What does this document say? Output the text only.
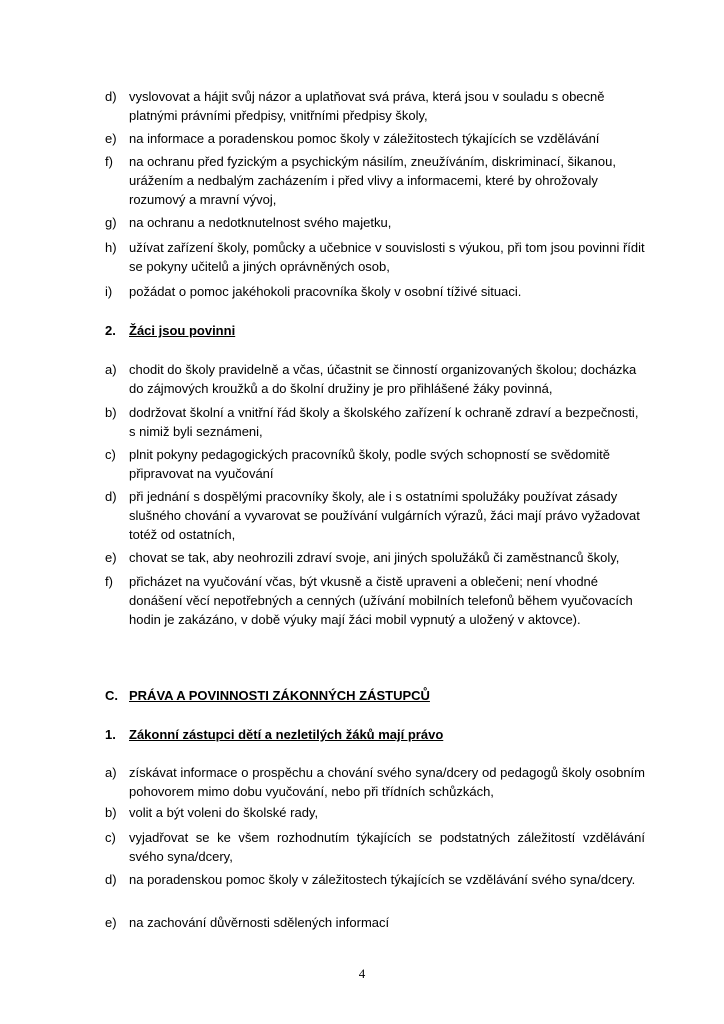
d) vyslovovat a hájit svůj názor a uplatňovat svá práva, která jsou v souladu s obecně platnými právními předpisy, vnitřními předpisy školy,
e) na informace a poradenskou pomoc školy v záležitostech týkajících se vzdělávání
f) na ochranu před fyzickým a psychickým násilím, zneužíváním, diskriminací, šikanou, urážením a nedbalým zacházením i před vlivy a informacemi, které by ohrožovaly rozumový a mravní vývoj,
g) na ochranu a nedotknutelnost svého majetku,
h) užívat zařízení školy, pomůcky a učebnice v souvislosti s výukou, při tom jsou povinni řídit se pokyny učitelů a jiných oprávněných osob,
i) požádat o pomoc jakéhokoli pracovníka školy v osobní tíživé situaci.
2. Žáci jsou povinni
a) chodit do školy pravidelně a včas, účastnit se činností organizovaných školou; docházka do zájmových kroužků a do školní družiny je pro přihlášené žáky povinná,
b) dodržovat školní a vnitřní řád školy a školského zařízení k ochraně zdraví a bezpečnosti, s nimiž byli seznámeni,
c) plnit pokyny pedagogických pracovníků školy, podle svých schopností se svědomitě připravovat na vyučování
d) při jednání s dospělými pracovníky školy, ale i s ostatními spolužáky používat zásady slušného chování a vyvarovat se používání vulgárních výrazů, žáci mají právo vyžadovat totéž od ostatních,
e) chovat se tak, aby neohrozili zdraví svoje, ani jiných spolužáků či zaměstnanců školy,
f) přicházet na vyučování včas, být vkusně a čistě upraveni a oblečeni; není vhodné donášení věcí nepotřebných a cenných (užívání mobilních telefonů během vyučovacích hodin je zakázáno, v době výuky mají žáci mobil vypnutý a uložený v aktovce).
C. PRÁVA A POVINNOSTI ZÁKONNÝCH ZÁSTUPCŮ
1. Zákonní zástupci dětí a nezletilých žáků mají právo
a) získávat informace o prospěchu a chování svého syna/dcery od pedagogů školy osobním pohovorem mimo dobu vyučování, nebo při třídních schůzkách,
b) volit a být voleni do školské rady,
c) vyjadřovat se ke všem rozhodnutím týkajících se podstatných záležitostí vzdělávání svého syna/dcery,
d) na poradenskou pomoc školy v záležitostech týkajících se vzdělávání svého syna/dcery.
e) na zachování důvěrnosti sdělených informací
4
